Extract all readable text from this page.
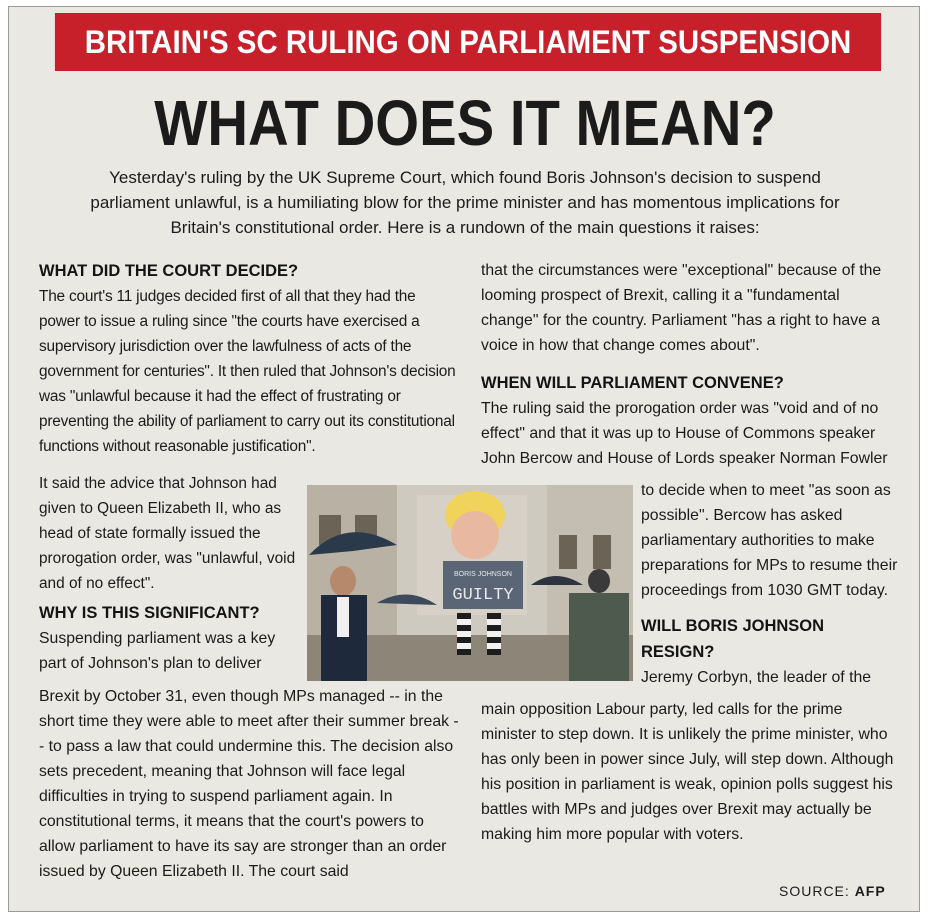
BRITAIN'S SC RULING ON PARLIAMENT SUSPENSION
WHAT DOES IT MEAN?
Yesterday's ruling by the UK Supreme Court, which found Boris Johnson's decision to suspend parliament unlawful, is a humiliating blow for the prime minister and has momentous implications for Britain's constitutional order. Here is a rundown of the main questions it raises:

WHAT DID THE COURT DECIDE?

The court's 11 judges decided first of all that they had the power to issue a ruling since "the courts have exercised a supervisory jurisdiction over the lawfulness of acts of the government for centuries". It then ruled that Johnson's decision was "unlawful because it had the effect of frustrating or preventing the ability of parliament to carry out its constitutional functions without reasonable justification".

It said the advice that Johnson had given to Queen Elizabeth II, who as head of state formally issued the prorogation order, was "unlawful, void and of no effect".

WHY IS THIS SIGNIFICANT?

Suspending parliament was a key part of Johnson's plan to deliver

Brexit by October 31, even though MPs managed -- in the short time they were able to meet after their summer break -- to pass a law that could undermine this. The decision also sets precedent, meaning that Johnson will face legal difficulties in trying to suspend parliament again. In constitutional terms, it means that the court's powers to allow parliament to have its say are stronger than an order issued by Queen Elizabeth II. The court said

that the circumstances were "exceptional" because of the looming prospect of Brexit, calling it a "fundamental change" for the country. Parliament "has a right to have a voice in how that change comes about".

WHEN WILL PARLIAMENT CONVENE?

The ruling said the prorogation order was "void and of no effect" and that it was up to House of Commons speaker John Bercow and House of Lords speaker Norman Fowler

to decide when to meet "as soon as possible". Bercow has asked parliamentary authorities to make preparations for MPs to resume their proceedings from 1030 GMT today.

WILL BORIS JOHNSON RESIGN?

Jeremy Corbyn, the leader of the

main opposition Labour party, led calls for the prime minister to step down. It is unlikely the prime minister, who has only been in power since July, will step down. Although his position in parliament is weak, opinion polls suggest his battles with MPs and judges over Brexit may actually be making him more popular with voters.

BORIS JOHNSON
GUILTY
SOURCE: AFP
